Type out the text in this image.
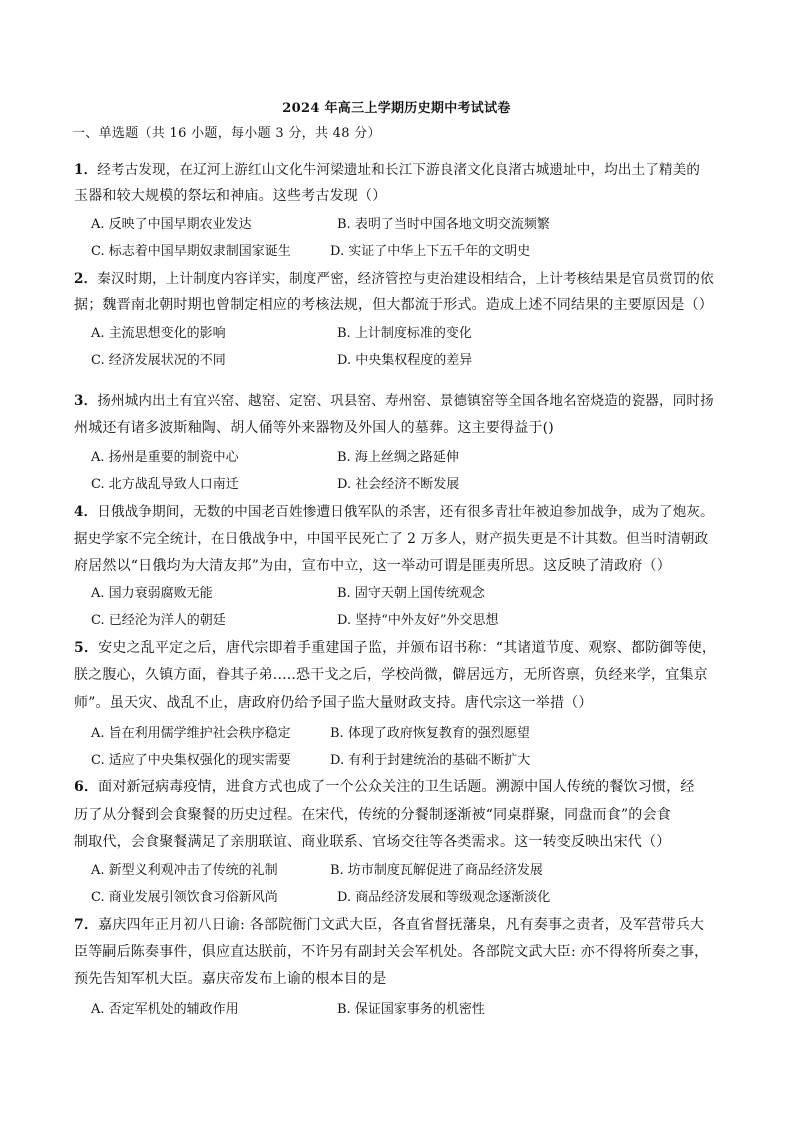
2024 年高三上学期历史期中考试试卷
一、单选题（共 16 小题，每小题 3 分，共 48 分）
1．经考古发现，在辽河上游红山文化牛河梁遗址和长江下游良渚文化良渚古城遗址中，均出土了精美的
玉器和较大规模的祭坛和神庙。这些考古发现（）
A. 反映了中国早期农业发达	B. 表明了当时中国各地文明交流频繁
C. 标志着中国早期奴隶制国家诞生	D. 实证了中华上下五千年的文明史
2．秦汉时期，上计制度内容详实，制度严密，经济管控与吏治建设相结合，上计考核结果是官员赏罚的依
据；魏晋南北朝时期也曾制定相应的考核法规，但大都流于形式。造成上述不同结果的主要原因是（）
A. 主流思想变化的影响	B. 上计制度标准的变化
C. 经济发展状况的不同	D. 中央集权程度的差异
3．扬州城内出土有宜兴窑、越窑、定窑、巩县窑、寿州窑、景德镇窑等全国各地名窑烧造的瓷器，同时扬
州城还有诸多波斯釉陶、胡人俑等外来器物及外国人的墓葬。这主要得益于()
A. 扬州是重要的制瓷中心	B. 海上丝绸之路延伸
C. 北方战乱导致人口南迁	D. 社会经济不断发展
4．日俄战争期间，无数的中国老百姓惨遭日俄军队的杀害，还有很多青壮年被迫参加战争，成为了炮灰。
据史学家不完全统计，在日俄战争中，中国平民死亡了 2 万多人，财产损失更是不计其数。但当时清朝政
府居然以“日俄均为大清友邦”为由，宣布中立，这一举动可谓是匪夷所思。这反映了清政府（）
A. 国力衰弱腐败无能	B. 固守天朝上国传统观念
C. 已经沦为洋人的朝廷	D. 坚持“中外友好”外交思想
5．安史之乱平定之后，唐代宗即着手重建国子监，并颁布诏书称：“其诸道节度、观察、都防御等使，
朕之腹心，久镇方面，眷其子弟.....恐干戈之后，学校尚微，僻居远方，无所咨禀，负经来学，宜集京
师”。虽天灾、战乱不止，唐政府仍给予国子监大量财政支持。唐代宗这一举措（）
A. 旨在利用儒学维护社会秩序稳定	B. 体现了政府恢复教育的强烈愿望
C. 适应了中央集权强化的现实需要	D. 有利于封建统治的基础不断扩大
6．面对新冠病毒疫情，进食方式也成了一个公众关注的卫生话题。溯源中国人传统的餐饮习惯，经
历了从分餐到会食聚餐的历史过程。在宋代，传统的分餐制逐渐被“同桌群聚，同盘而食”的会食
制取代，会食聚餐满足了亲朋联谊、商业联系、官场交往等各类需求。这一转变反映出宋代（）
A. 新型义利观冲击了传统的礼制	B. 坊市制度瓦解促进了商品经济发展
C. 商业发展引领饮食习俗新风尚	D. 商品经济发展和等级观念逐渐淡化
7．嘉庆四年正月初八日谕: 各部院衙门文武大臣，各直省督抚藩臬，凡有奏事之责者，及军营带兵大
臣等嗣后陈奏事件，俱应直达朕前，不许另有副封关会军机处。各部院文武大臣: 亦不得将所奏之事，
预先告知军机大臣。嘉庆帝发布上谕的根本目的是
A. 否定军机处的辅政作用	B. 保证国家事务的机密性
